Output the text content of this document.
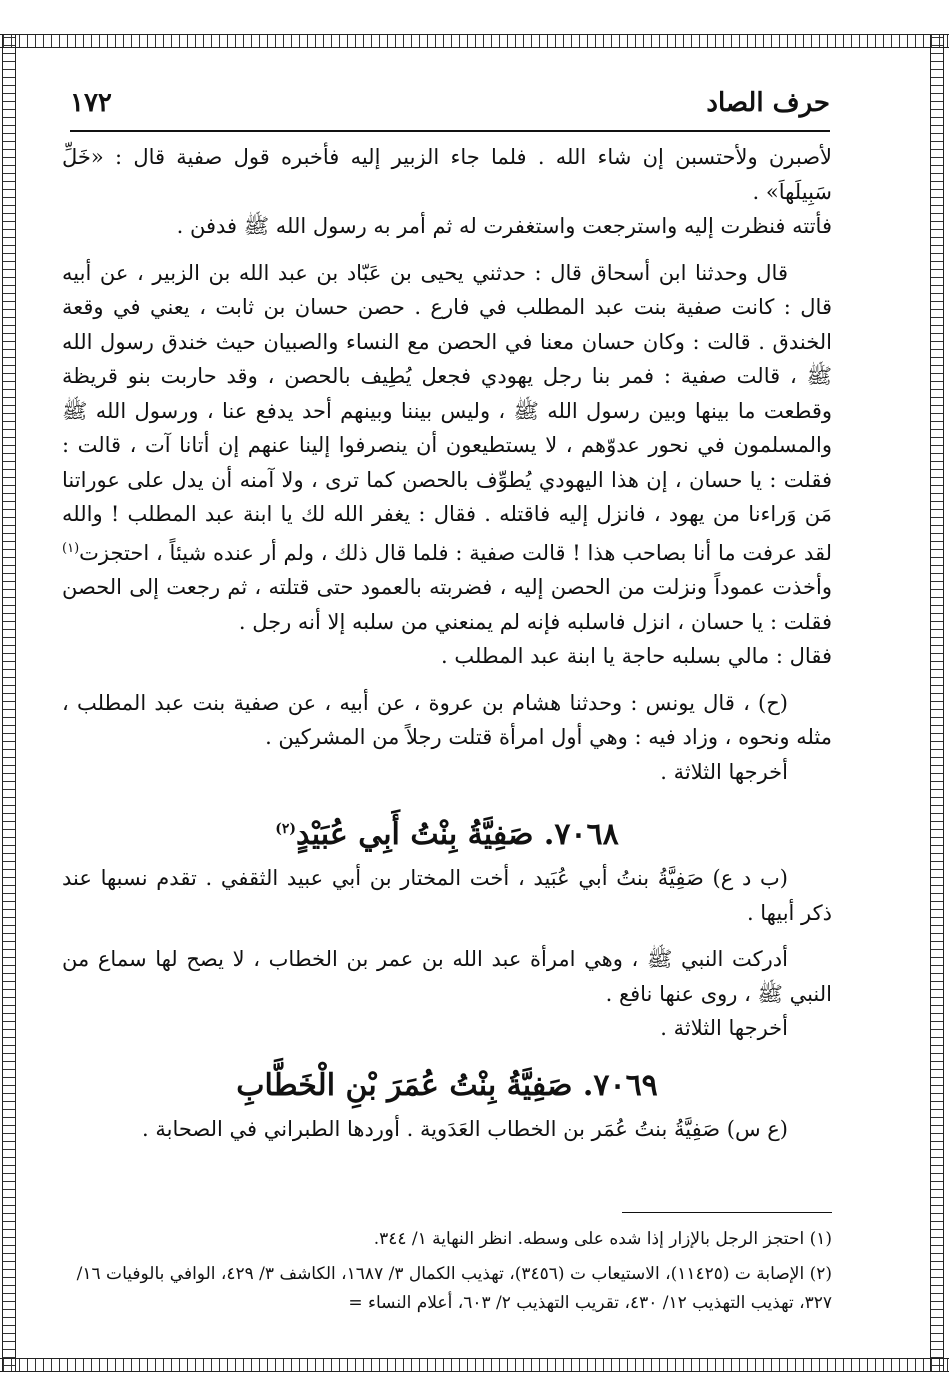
حرف الصاد
١٧٢

لأصبرن ولأحتسبن إن شاء الله . فلما جاء الزبير إليه فأخبره قول صفية قال : «خَلِّ سَبِيلَهاَ» .

فأتته فنظرت إليه واسترجعت واستغفرت له ثم أمر به رسول الله ﷺ فدفن .

قال وحدثنا ابن أسحاق قال : حدثني يحيى بن عَبّاد بن عبد الله بن الزبير ، عن أبيه قال : كانت صفية بنت عبد المطلب في فارع . حصن حسان بن ثابت ، يعني في وقعة الخندق . قالت : وكان حسان معنا في الحصن مع النساء والصبيان حيث خندق رسول الله ﷺ ، قالت صفية : فمر بنا رجل يهودي فجعل يُطِيف بالحصن ، وقد حاربت بنو قريظة وقطعت ما بينها وبين رسول الله ﷺ ، وليس بيننا وبينهم أحد يدفع عنا ، ورسول الله ﷺ والمسلمون في نحور عدوّهم ، لا يستطيعون أن ينصرفوا إلينا عنهم إن أتانا آت ، قالت : فقلت : يا حسان ، إن هذا اليهودي يُطوِّف بالحصن كما ترى ، ولا آمنه أن يدل على عوراتنا مَن وَراءنا من يهود ، فانزل إليه فاقتله . فقال : يغفر الله لك يا ابنة عبد المطلب ! والله لقد عرفت ما أنا بصاحب هذا ! قالت صفية : فلما قال ذلك ، ولم أر عنده شيئاً ، احتجزت$^{(١)}$ وأخذت عموداً ونزلت من الحصن إليه ، فضربته بالعمود حتى قتلته ، ثم رجعت إلى الحصن فقلت : يا حسان ، انزل فاسلبه فإنه لم يمنعني من سلبه إلا أنه رجل .

فقال : مالي بسلبه حاجة يا ابنة عبد المطلب .

(ح) ، قال يونس : وحدثنا هشام بن عروة ، عن أبيه ، عن صفية بنت عبد المطلب ، مثله ونحوه ، وزاد فيه : وهي أول امرأة قتلت رجلاً من المشركين .

أخرجها الثلاثة .

٧٠٦٨. صَفِيَّةُ بِنْتُ أَبِي عُبَيْدٍ$^{(٢)}$

(ب د ع) صَفِيَّةُ بنتُ أبي عُبَيد ، أخت المختار بن أبي عبيد الثقفي . تقدم نسبها عند ذكر أبيها .

أدركت النبي ﷺ ، وهي امرأة عبد الله بن عمر بن الخطاب ، لا يصح لها سماع من النبي ﷺ ، روى عنها نافع .

أخرجها الثلاثة .

٧٠٦٩. صَفِيَّةُ بِنْتُ عُمَرَ بْنِ الْخَطَّابِ

(ع س) صَفِيَّةُ بنتُ عُمَر بن الخطاب العَدَوية . أوردها الطبراني في الصحابة .

(١) احتجز الرجل بالإزار إذا شده على وسطه. انظر النهاية ١/ ٣٤٤.

(٢) الإصابة ت (١١٤٢٥)، الاستيعاب ت (٣٤٥٦)، تهذيب الكمال ٣/ ١٦٨٧، الكاشف ٣/ ٤٢٩، الوافي بالوفيات ١٦/ ٣٢٧، تهذيب التهذيب ١٢/ ٤٣٠، تقريب التهذيب ٢/ ٦٠٣، أعلام النساء =
